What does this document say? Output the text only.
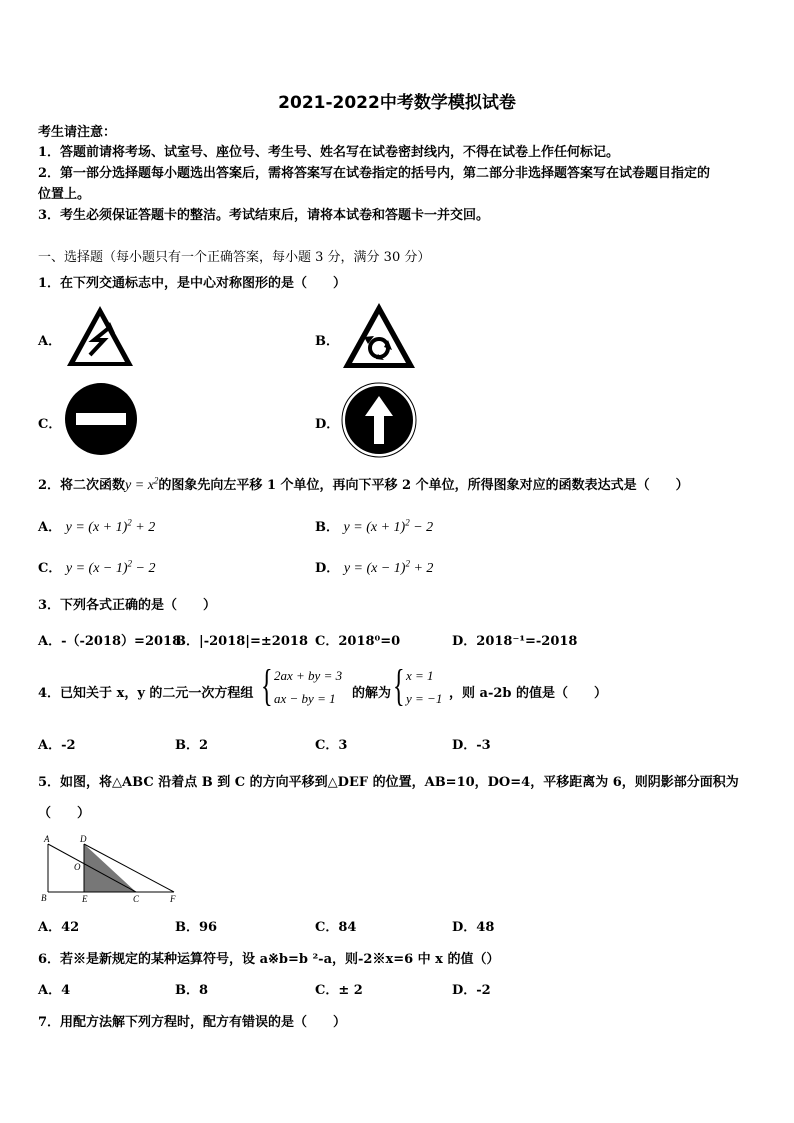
2021-2022中考数学模拟试卷
考生请注意：
1．答题前请将考场、试室号、座位号、考生号、姓名写在试卷密封线内，不得在试卷上作任何标记。
2．第一部分选择题每小题选出答案后，需将答案写在试卷指定的括号内，第二部分非选择题答案写在试卷题目指定的
位置上。
3．考生必须保证答题卡的整洁。考试结束后，请将本试卷和答题卡一并交回。
一、选择题（每小题只有一个正确答案，每小题 3 分，满分 30 分）
1．在下列交通标志中，是中心对称图形的是（　　）
A．	B．
C．	D．
2．将二次函数$y = x^2$的图象先向左平移 1 个单位，再向下平移 2 个单位，所得图象对应的函数表达式是（　　）
A． $y = (x + 1)^2 + 2$	B． $y = (x + 1)^2 - 2$
C． $y = (x - 1)^2 - 2$	D． $y = (x - 1)^2 + 2$
3．下列各式正确的是（　　）
A．-（-2018）=2018
B．|-2018|=±2018 C．2018⁰=0	D．2018⁻¹=-2018
4．已知关于 x，y 的二元一次方程组 { 2ax + by = 3
ax − by = 1 的解为 { x = 1
y = −1 ，则 a-2b 的值是（　　）
A．-2	B．2	C．3	D．-3
5．如图，将△ABC 沿着点 B 到 C 的方向平移到△DEF 的位置，AB=10，DO=4，平移距离为 6，则阴影部分面积为
（　　）
A	D
O
B	E	C	F
A．42	B．96	C．84	D．48
6．若※是新规定的某种运算符号，设 a※b=b ²-a，则-2※x=6 中 x 的值（）
A．4	B．8	C．± 2	D．-2
7．用配方法解下列方程时，配方有错误的是（　　）
